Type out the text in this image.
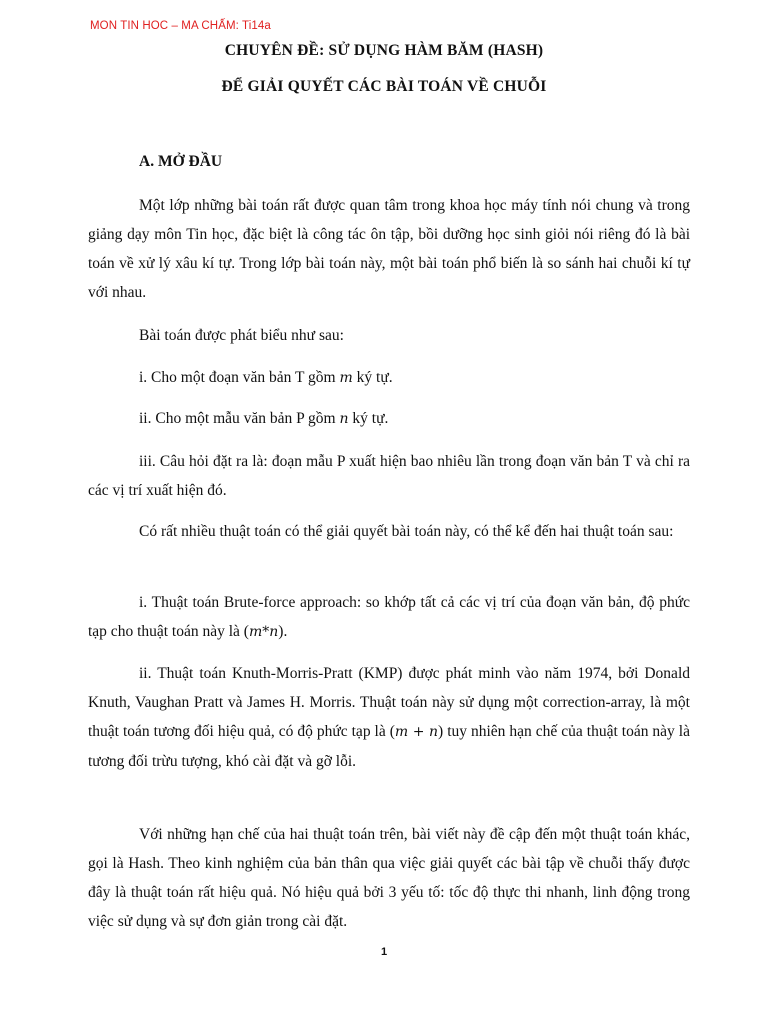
MON TIN HOC – MA CHẤM: Ti14a
CHUYÊN ĐỀ: SỬ DỤNG HÀM BĂM (HASH)
ĐỂ GIẢI QUYẾT CÁC BÀI TOÁN VỀ CHUỖI
A. MỞ ĐẦU
Một lớp những bài toán rất được quan tâm trong khoa học máy tính nói chung và trong giảng dạy môn Tin học, đặc biệt là công tác ôn tập, bồi dưỡng học sinh giỏi nói riêng đó là bài toán về xử lý xâu kí tự. Trong lớp bài toán này, một bài toán phổ biến là so sánh hai chuỗi kí tự với nhau.
Bài toán được phát biểu như sau:
i. Cho một đoạn văn bản T gồm m ký tự.
ii. Cho một mẫu văn bản P gồm n ký tự.
iii. Câu hỏi đặt ra là: đoạn mẫu P xuất hiện bao nhiêu lần trong đoạn văn bản T và chỉ ra các vị trí xuất hiện đó.
Có rất nhiều thuật toán có thể giải quyết bài toán này, có thể kể đến hai thuật toán sau:
i. Thuật toán Brute-force approach: so khớp tất cả các vị trí của đoạn văn bản, độ phức tạp cho thuật toán này là (m*n).
ii. Thuật toán Knuth-Morris-Pratt (KMP) được phát minh vào năm 1974, bởi Donald Knuth, Vaughan Pratt và James H. Morris. Thuật toán này sử dụng một correction-array, là một thuật toán tương đối hiệu quả, có độ phức tạp là (m + n) tuy nhiên hạn chế của thuật toán này là tương đối trừu tượng, khó cài đặt và gỡ lỗi.
Với những hạn chế của hai thuật toán trên, bài viết này đề cập đến một thuật toán khác, gọi là Hash. Theo kinh nghiệm của bản thân qua việc giải quyết các bài tập về chuỗi thấy được đây là thuật toán rất hiệu quả. Nó hiệu quả bởi 3 yếu tố: tốc độ thực thi nhanh, linh động trong việc sử dụng và sự đơn giản trong cài đặt.
1
